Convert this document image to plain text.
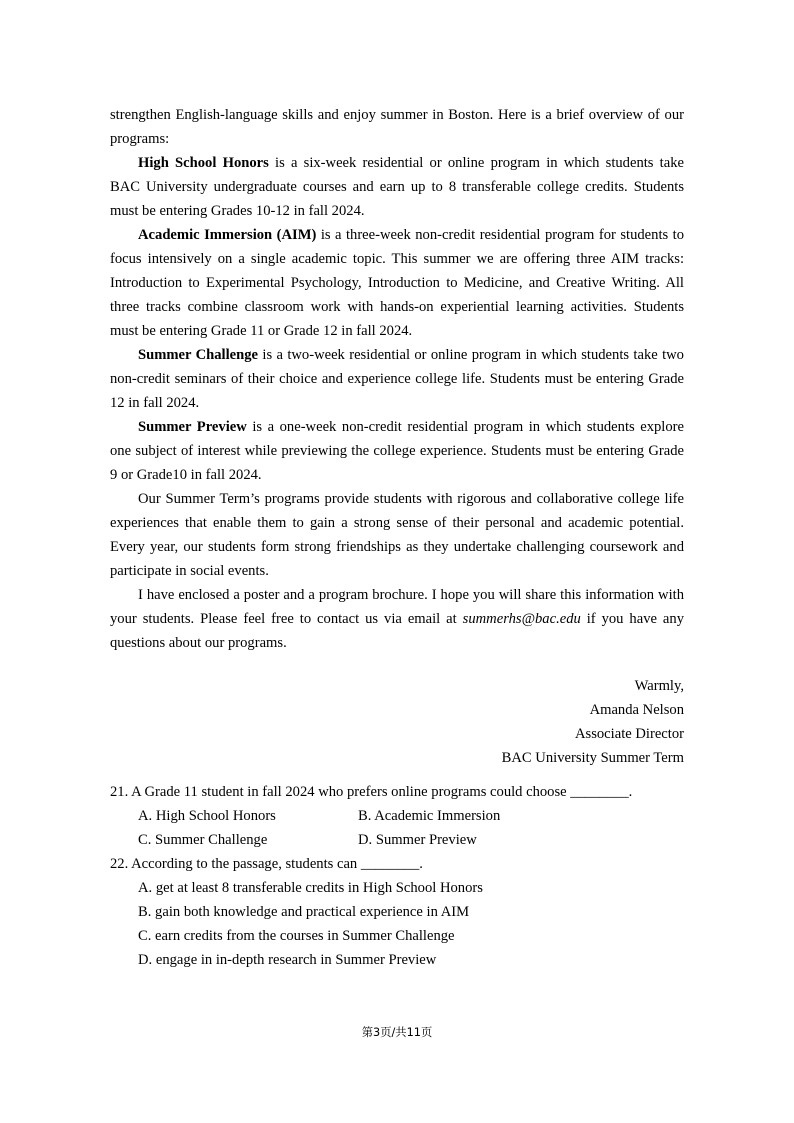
strengthen English-language skills and enjoy summer in Boston. Here is a brief overview of our programs:

High School Honors is a six-week residential or online program in which students take BAC University undergraduate courses and earn up to 8 transferable college credits. Students must be entering Grades 10-12 in fall 2024.

Academic Immersion (AIM) is a three-week non-credit residential program for students to focus intensively on a single academic topic. This summer we are offering three AIM tracks: Introduction to Experimental Psychology, Introduction to Medicine, and Creative Writing. All three tracks combine classroom work with hands-on experiential learning activities. Students must be entering Grade 11 or Grade 12 in fall 2024.

Summer Challenge is a two-week residential or online program in which students take two non-credit seminars of their choice and experience college life. Students must be entering Grade 12 in fall 2024.

Summer Preview is a one-week non-credit residential program in which students explore one subject of interest while previewing the college experience. Students must be entering Grade 9 or Grade10 in fall 2024.

Our Summer Term’s programs provide students with rigorous and collaborative college life experiences that enable them to gain a strong sense of their personal and academic potential. Every year, our students form strong friendships as they undertake challenging coursework and participate in social events.

I have enclosed a poster and a program brochure. I hope you will share this information with your students. Please feel free to contact us via email at summerhs@bac.edu if you have any questions about our programs.

Warmly,
Amanda Nelson
Associate Director
BAC University Summer Term

21. A Grade 11 student in fall 2024 who prefers online programs could choose ________.

A. High School Honors	B. Academic Immersion
C. Summer Challenge	D. Summer Preview

22. According to the passage, students can ________.

A. get at least 8 transferable credits in High School Honors
B. gain both knowledge and practical experience in AIM
C. earn credits from the courses in Summer Challenge
D. engage in in-depth research in Summer Preview
第3页/共11页
